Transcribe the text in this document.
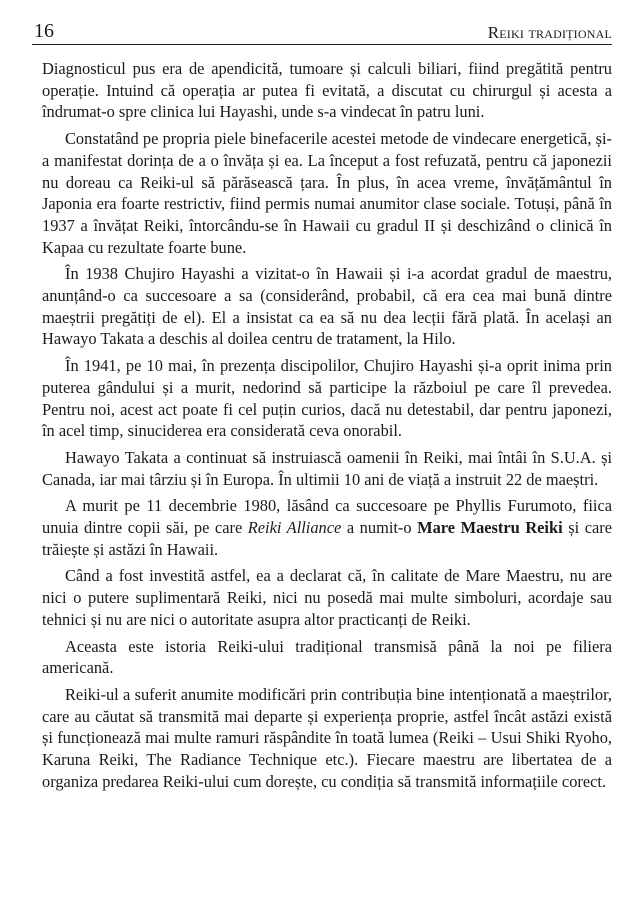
16	Reiki tradițional

Diagnosticul pus era de apendicită, tumoare și calculi biliari, fiind pregătită pentru operație. Intuind că operația ar putea fi evitată, a discutat cu chirurgul și acesta a îndrumat-o spre clinica lui Hayashi, unde s-a vindecat în patru luni.

Constatând pe propria piele binefacerile acestei metode de vindecare energetică, și-a manifestat dorința de a o învăța și ea. La început a fost refuzată, pentru că japonezii nu doreau ca Reiki-ul să părăsească țara. În plus, în acea vreme, învățământul în Japonia era foarte restrictiv, fiind permis numai anumitor clase sociale. Totuși, până în 1937 a învățat Reiki, întorcându-se în Hawaii cu gradul II și deschizând o clinică în Kapaa cu rezultate foarte bune.

În 1938 Chujiro Hayashi a vizitat-o în Hawaii și i-a acordat gradul de maestru, anunțând-o ca succesoare a sa (considerând, probabil, că era cea mai bună dintre maeștrii pregătiți de el). El a insistat ca ea să nu dea lecții fără plată. În același an Hawayo Takata a deschis al doilea centru de tratament, la Hilo.

În 1941, pe 10 mai, în prezența discipolilor, Chujiro Hayashi și-a oprit inima prin puterea gândului și a murit, nedorind să participe la războiul pe care îl prevedea. Pentru noi, acest act poate fi cel puțin curios, dacă nu detestabil, dar pentru japonezi, în acel timp, sinuciderea era considerată ceva onorabil.

Hawayo Takata a continuat să instruiască oamenii în Reiki, mai întâi în S.U.A. și Canada, iar mai târziu și în Europa. În ultimii 10 ani de viață a instruit 22 de maeștri.

A murit pe 11 decembrie 1980, lăsând ca succesoare pe Phyllis Furumoto, fiica unuia dintre copii săi, pe care Reiki Alliance a numit-o Mare Maestru Reiki și care trăiește și astăzi în Hawaii.

Când a fost investită astfel, ea a declarat că, în calitate de Mare Maestru, nu are nici o putere suplimentară Reiki, nici nu posedă mai multe simboluri, acordaje sau tehnici și nu are nici o autoritate asupra altor practicanți de Reiki.

Aceasta este istoria Reiki-ului tradițional transmisă până la noi pe filiera americană.

Reiki-ul a suferit anumite modificări prin contribuția bine intenționată a maeștrilor, care au căutat să transmită mai departe și experiența proprie, astfel încât astăzi există și funcționează mai multe ramuri răspândite în toată lumea (Reiki – Usui Shiki Ryoho, Karuna Reiki, The Radiance Technique etc.). Fiecare maestru are libertatea de a organiza predarea Reiki-ului cum dorește, cu condiția să transmită informațiile corect.
